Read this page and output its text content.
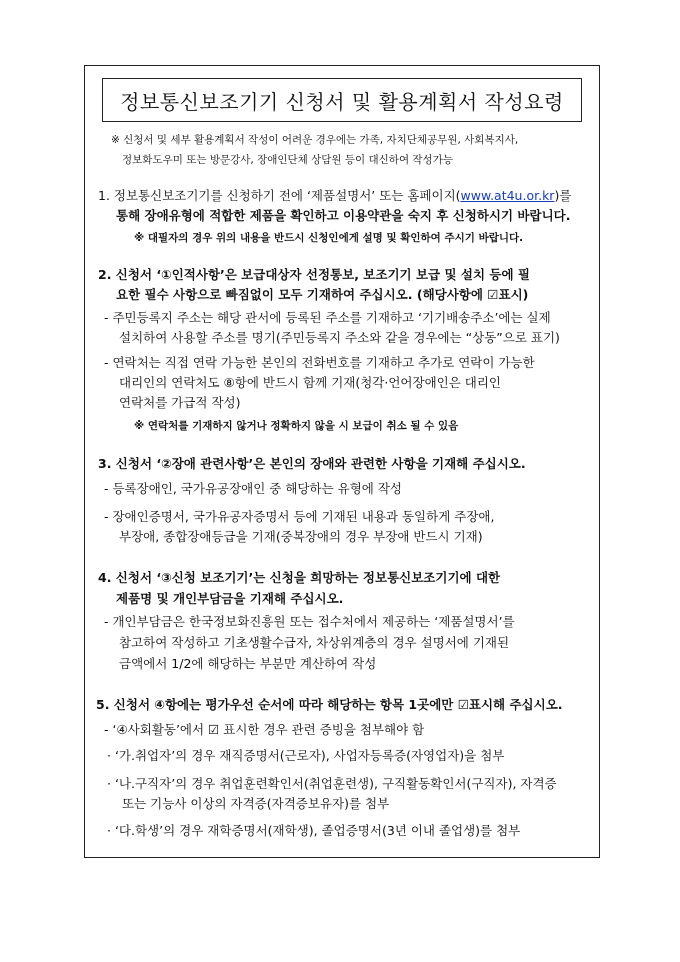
정보통신보조기기 신청서 및 활용계획서 작성요령
※ 신청서 및 세부 활용계획서 작성이 어려운 경우에는 가족, 자치단체공무원, 사회복지사,
정보화도우미 또는 방문강사, 장애인단체 상담원 등이 대신하여 작성가능
1. 정보통신보조기기를 신청하기 전에 ‘제품설명서’ 또는 홈페이지(www.at4u.or.kr)를
통해 장애유형에 적합한 제품을 확인하고 이용약관을 숙지 후 신청하시기 바랍니다.
※ 대필자의 경우 위의 내용을 반드시 신청인에게 설명 및 확인하여 주시기 바랍니다.
2. 신청서 ‘①인적사항’은 보급대상자 선정통보, 보조기기 보급 및 설치 등에 필
요한 필수 사항으로 빠짐없이 모두 기재하여 주십시오. (해당사항에 ☑표시)
- 주민등록지 주소는 해당 관서에 등록된 주소를 기재하고 ‘기기배송주소’에는 실제
설치하여 사용할 주소를 명기(주민등록지 주소와 같을 경우에는 “상동”으로 표기)
- 연락처는 직접 연락 가능한 본인의 전화번호를 기재하고 추가로 연락이 가능한
대리인의 연락처도 ⑧항에 반드시 함께 기재(청각·언어장애인은 대리인
연락처를 가급적 작성)
※ 연락처를 기재하지 않거나 정확하지 않을 시 보급이 취소 될 수 있음
3. 신청서 ‘②장애 관련사항’은 본인의 장애와 관련한 사항을 기재해 주십시오.
- 등록장애인, 국가유공장애인 중 해당하는 유형에 작성
- 장애인증명서, 국가유공자증명서 등에 기재된 내용과 동일하게 주장애,
부장애, 종합장애등급을 기재(중복장애의 경우 부장애 반드시 기재)
4. 신청서 ‘③신청 보조기기’는 신청을 희망하는 정보통신보조기기에 대한
제품명 및 개인부담금을 기재해 주십시오.
- 개인부담금은 한국정보화진흥원 또는 접수처에서 제공하는 ‘제품설명서’를
참고하여 작성하고 기초생활수급자, 차상위계층의 경우 설명서에 기재된
금액에서 1/2에 해당하는 부분만 계산하여 작성
5. 신청서 ④항에는 평가우선 순서에 따라 해당하는 항목 1곳에만 ☑표시해 주십시오.
- ‘④사회활동’에서 ☑ 표시한 경우 관련 증빙을 첨부해야 함
· ‘가.취업자’의 경우 재직증명서(근로자), 사업자등록증(자영업자)을 첨부
· ‘나.구직자’의 경우 취업훈련확인서(취업훈련생), 구직활동확인서(구직자), 자격증
또는 기능사 이상의 자격증(자격증보유자)를 첨부
· ‘다.학생’의 경우 재학증명서(재학생), 졸업증명서(3년 이내 졸업생)를 첨부
